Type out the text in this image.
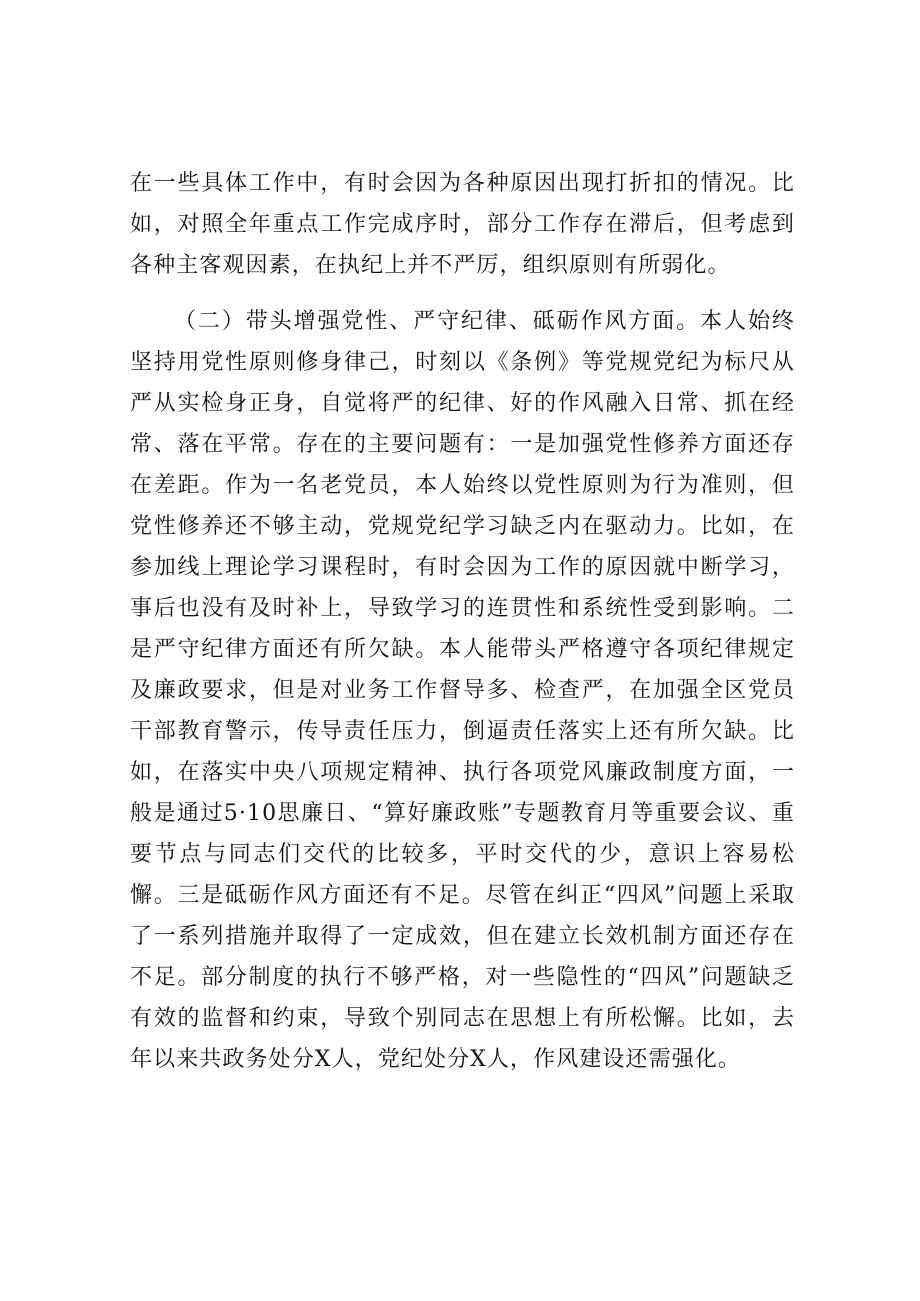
在一些具体工作中，有时会因为各种原因出现打折扣的情况。比如，对照全年重点工作完成序时，部分工作存在滞后，但考虑到各种主客观因素，在执纪上并不严厉，组织原则有所弱化。
（二）带头增强党性、严守纪律、砥砺作风方面。本人始终坚持用党性原则修身律己，时刻以《条例》等党规党纪为标尺从严从实检身正身，自觉将严的纪律、好的作风融入日常、抓在经常、落在平常。存在的主要问题有：一是加强党性修养方面还存在差距。作为一名老党员，本人始终以党性原则为行为准则，但党性修养还不够主动，党规党纪学习缺乏内在驱动力。比如，在参加线上理论学习课程时，有时会因为工作的原因就中断学习，事后也没有及时补上，导致学习的连贯性和系统性受到影响。二是严守纪律方面还有所欠缺。本人能带头严格遵守各项纪律规定及廉政要求，但是对业务工作督导多、检查严，在加强全区党员干部教育警示，传导责任压力，倒逼责任落实上还有所欠缺。比如，在落实中央八项规定精神、执行各项党风廉政制度方面，一般是通过5·10思廉日、“算好廉政账”专题教育月等重要会议、重要节点与同志们交代的比较多，平时交代的少，意识上容易松懈。三是砥砺作风方面还有不足。尽管在纠正“四风”问题上采取了一系列措施并取得了一定成效，但在建立长效机制方面还存在不足。部分制度的执行不够严格，对一些隐性的“四风”问题缺乏有效的监督和约束，导致个别同志在思想上有所松懈。比如，去年以来共政务处分X人，党纪处分X人，作风建设还需强化。
